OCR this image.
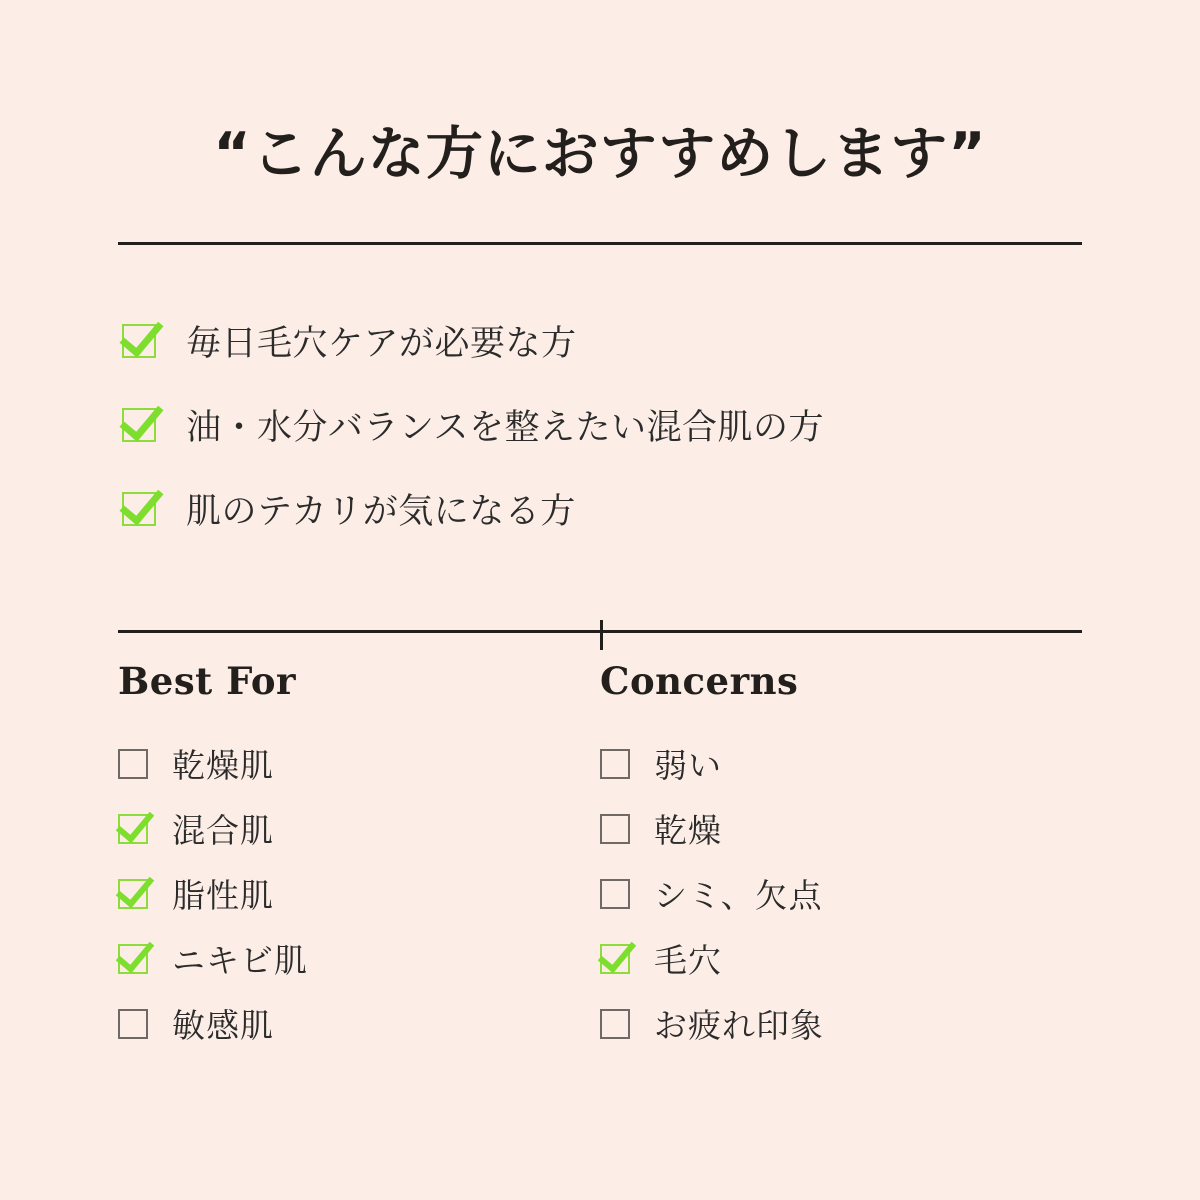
“こんな方におすすめします”
毎日毛穴ケアが必要な方
油・水分バランスを整えたい混合肌の方
肌のテカリが気になる方
Best For
乾燥肌
混合肌
脂性肌
ニキビ肌
敏感肌
Concerns
弱い
乾燥
シミ、欠点
毛穴
お疲れ印象
